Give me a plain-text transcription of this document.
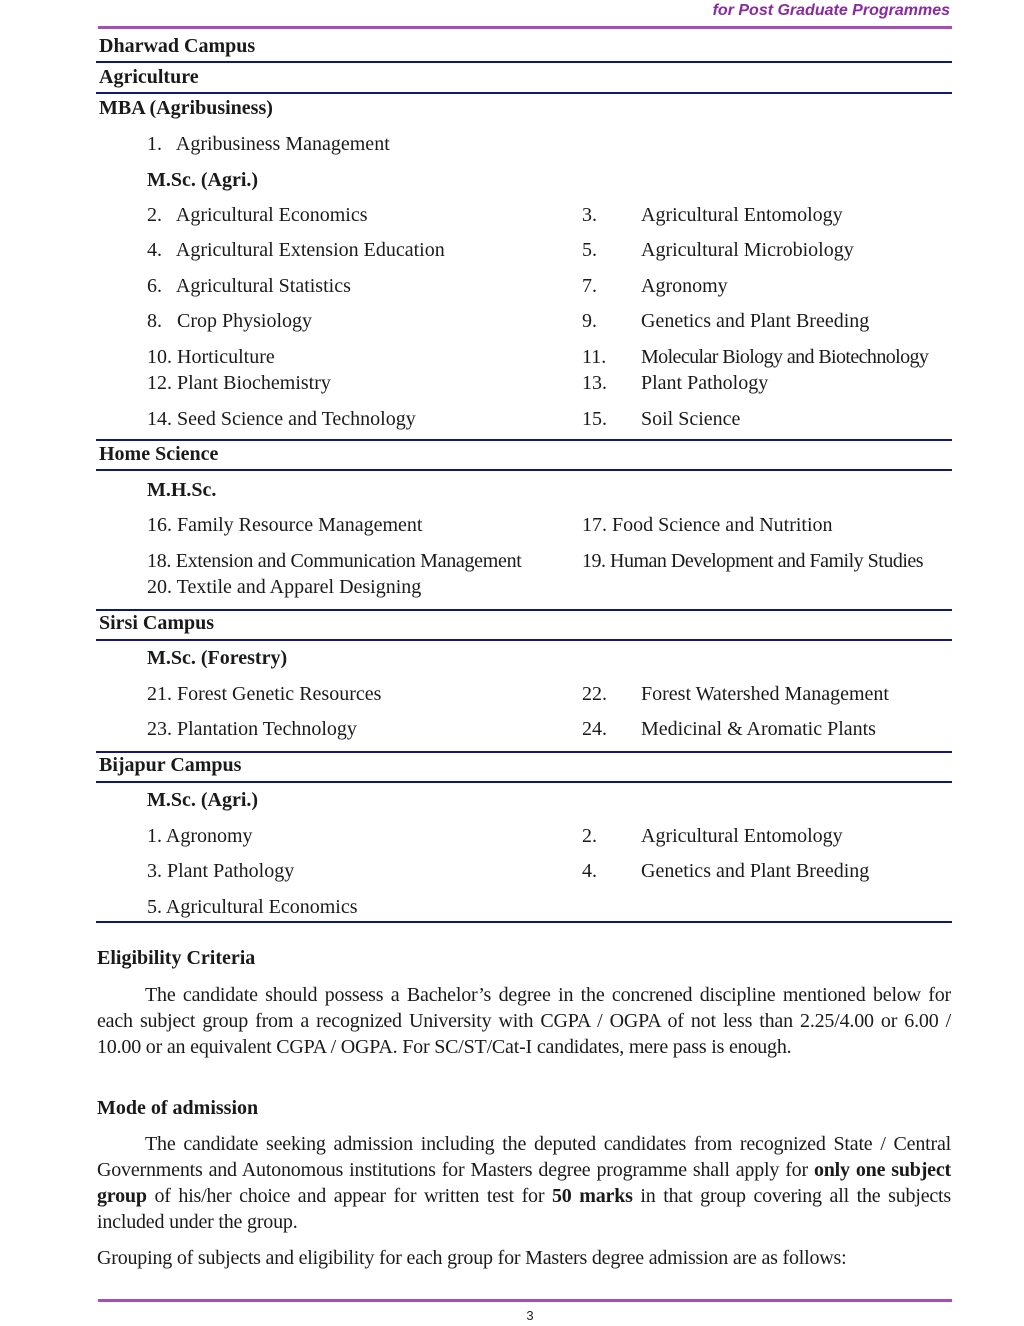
for Post Graduate Programmes
Dharwad Campus
Agriculture
MBA (Agribusiness)
1.   Agribusiness Management
M.Sc. (Agri.)
2.   Agricultural Economics
4.   Agricultural Extension Education
6.   Agricultural Statistics
8.   Crop Physiology
10. Horticulture
12. Plant Biochemistry
14. Seed Science and Technology
3.
5.
7.
9.
11.
13.
15.
Agricultural Entomology
Agricultural Microbiology
Agronomy
Genetics and Plant Breeding
Molecular Biology and Biotechnology
Plant Pathology
Soil Science
Home Science
M.H.Sc.
16. Family Resource Management
18. Extension and Communication Management
20. Textile and Apparel Designing
17. Food Science and Nutrition
19. Human Development and Family Studies
Sirsi Campus
M.Sc. (Forestry)
21. Forest Genetic Resources
23. Plantation Technology
22.
24.
Forest Watershed Management
Medicinal & Aromatic Plants
Bijapur Campus
M.Sc. (Agri.)
1. Agronomy
3. Plant Pathology
5. Agricultural Economics
2.
4.
Agricultural Entomology
Genetics and Plant Breeding
Eligibility Criteria
The candidate should possess a Bachelor’s degree in the concrened discipline mentioned below for each subject group from a recognized University with CGPA / OGPA of not less than 2.25/4.00 or 6.00 / 10.00 or an equivalent CGPA / OGPA. For SC/ST/Cat-I candidates, mere pass is enough.
Mode of admission
The candidate seeking admission including the deputed candidates from recognized State / Central Governments and Autonomous institutions for Masters degree programme shall apply for only one subject group of his/her choice and appear for written test for 50 marks in that group covering all the subjects included under the group.
Grouping of subjects and eligibility for each group for Masters degree admission are as follows:
3
